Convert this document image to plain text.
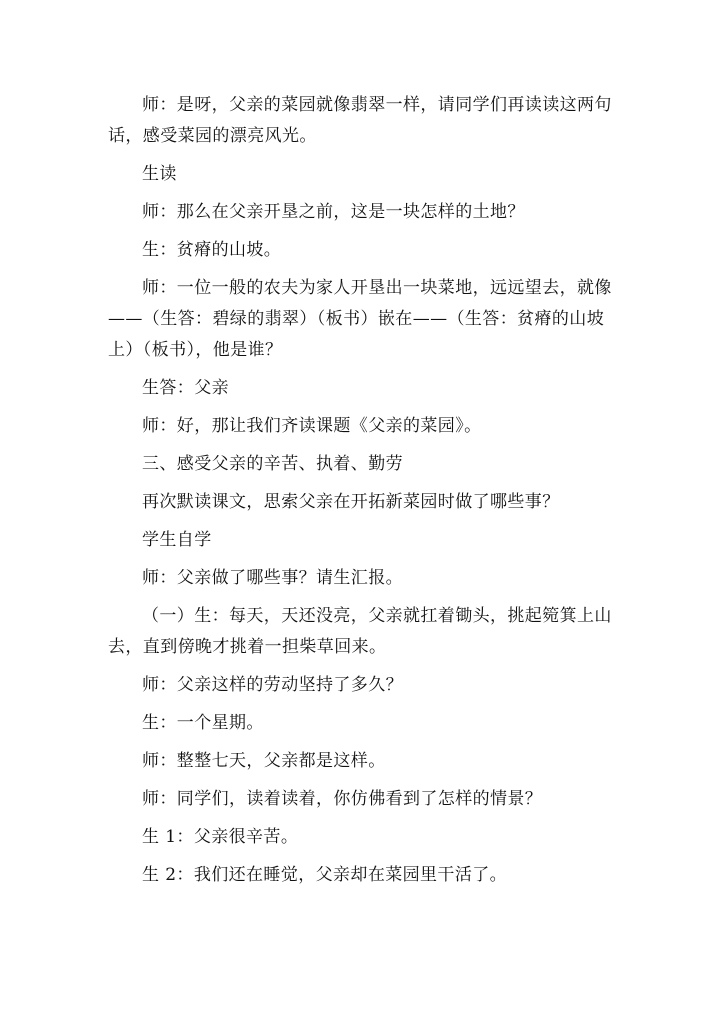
师：是呀，父亲的菜园就像翡翠一样，请同学们再读读这两句话，感受菜园的漂亮风光。

生读

师：那么在父亲开垦之前，这是一块怎样的土地？

生：贫瘠的山坡。

师：一位一般的农夫为家人开垦出一块菜地，远远望去，就像——（生答：碧绿的翡翠）（板书）嵌在——（生答：贫瘠的山坡上）（板书），他是谁？

生答：父亲

师：好，那让我们齐读课题《父亲的菜园》。

三、感受父亲的辛苦、执着、勤劳

再次默读课文，思索父亲在开拓新菜园时做了哪些事？

学生自学

师：父亲做了哪些事？请生汇报。

（一）生：每天，天还没亮，父亲就扛着锄头，挑起箢箕上山去，直到傍晚才挑着一担柴草回来。

师：父亲这样的劳动坚持了多久？

生：一个星期。

师：整整七天，父亲都是这样。

师：同学们，读着读着，你仿佛看到了怎样的情景？

生 1：父亲很辛苦。

生 2：我们还在睡觉，父亲却在菜园里干活了。
